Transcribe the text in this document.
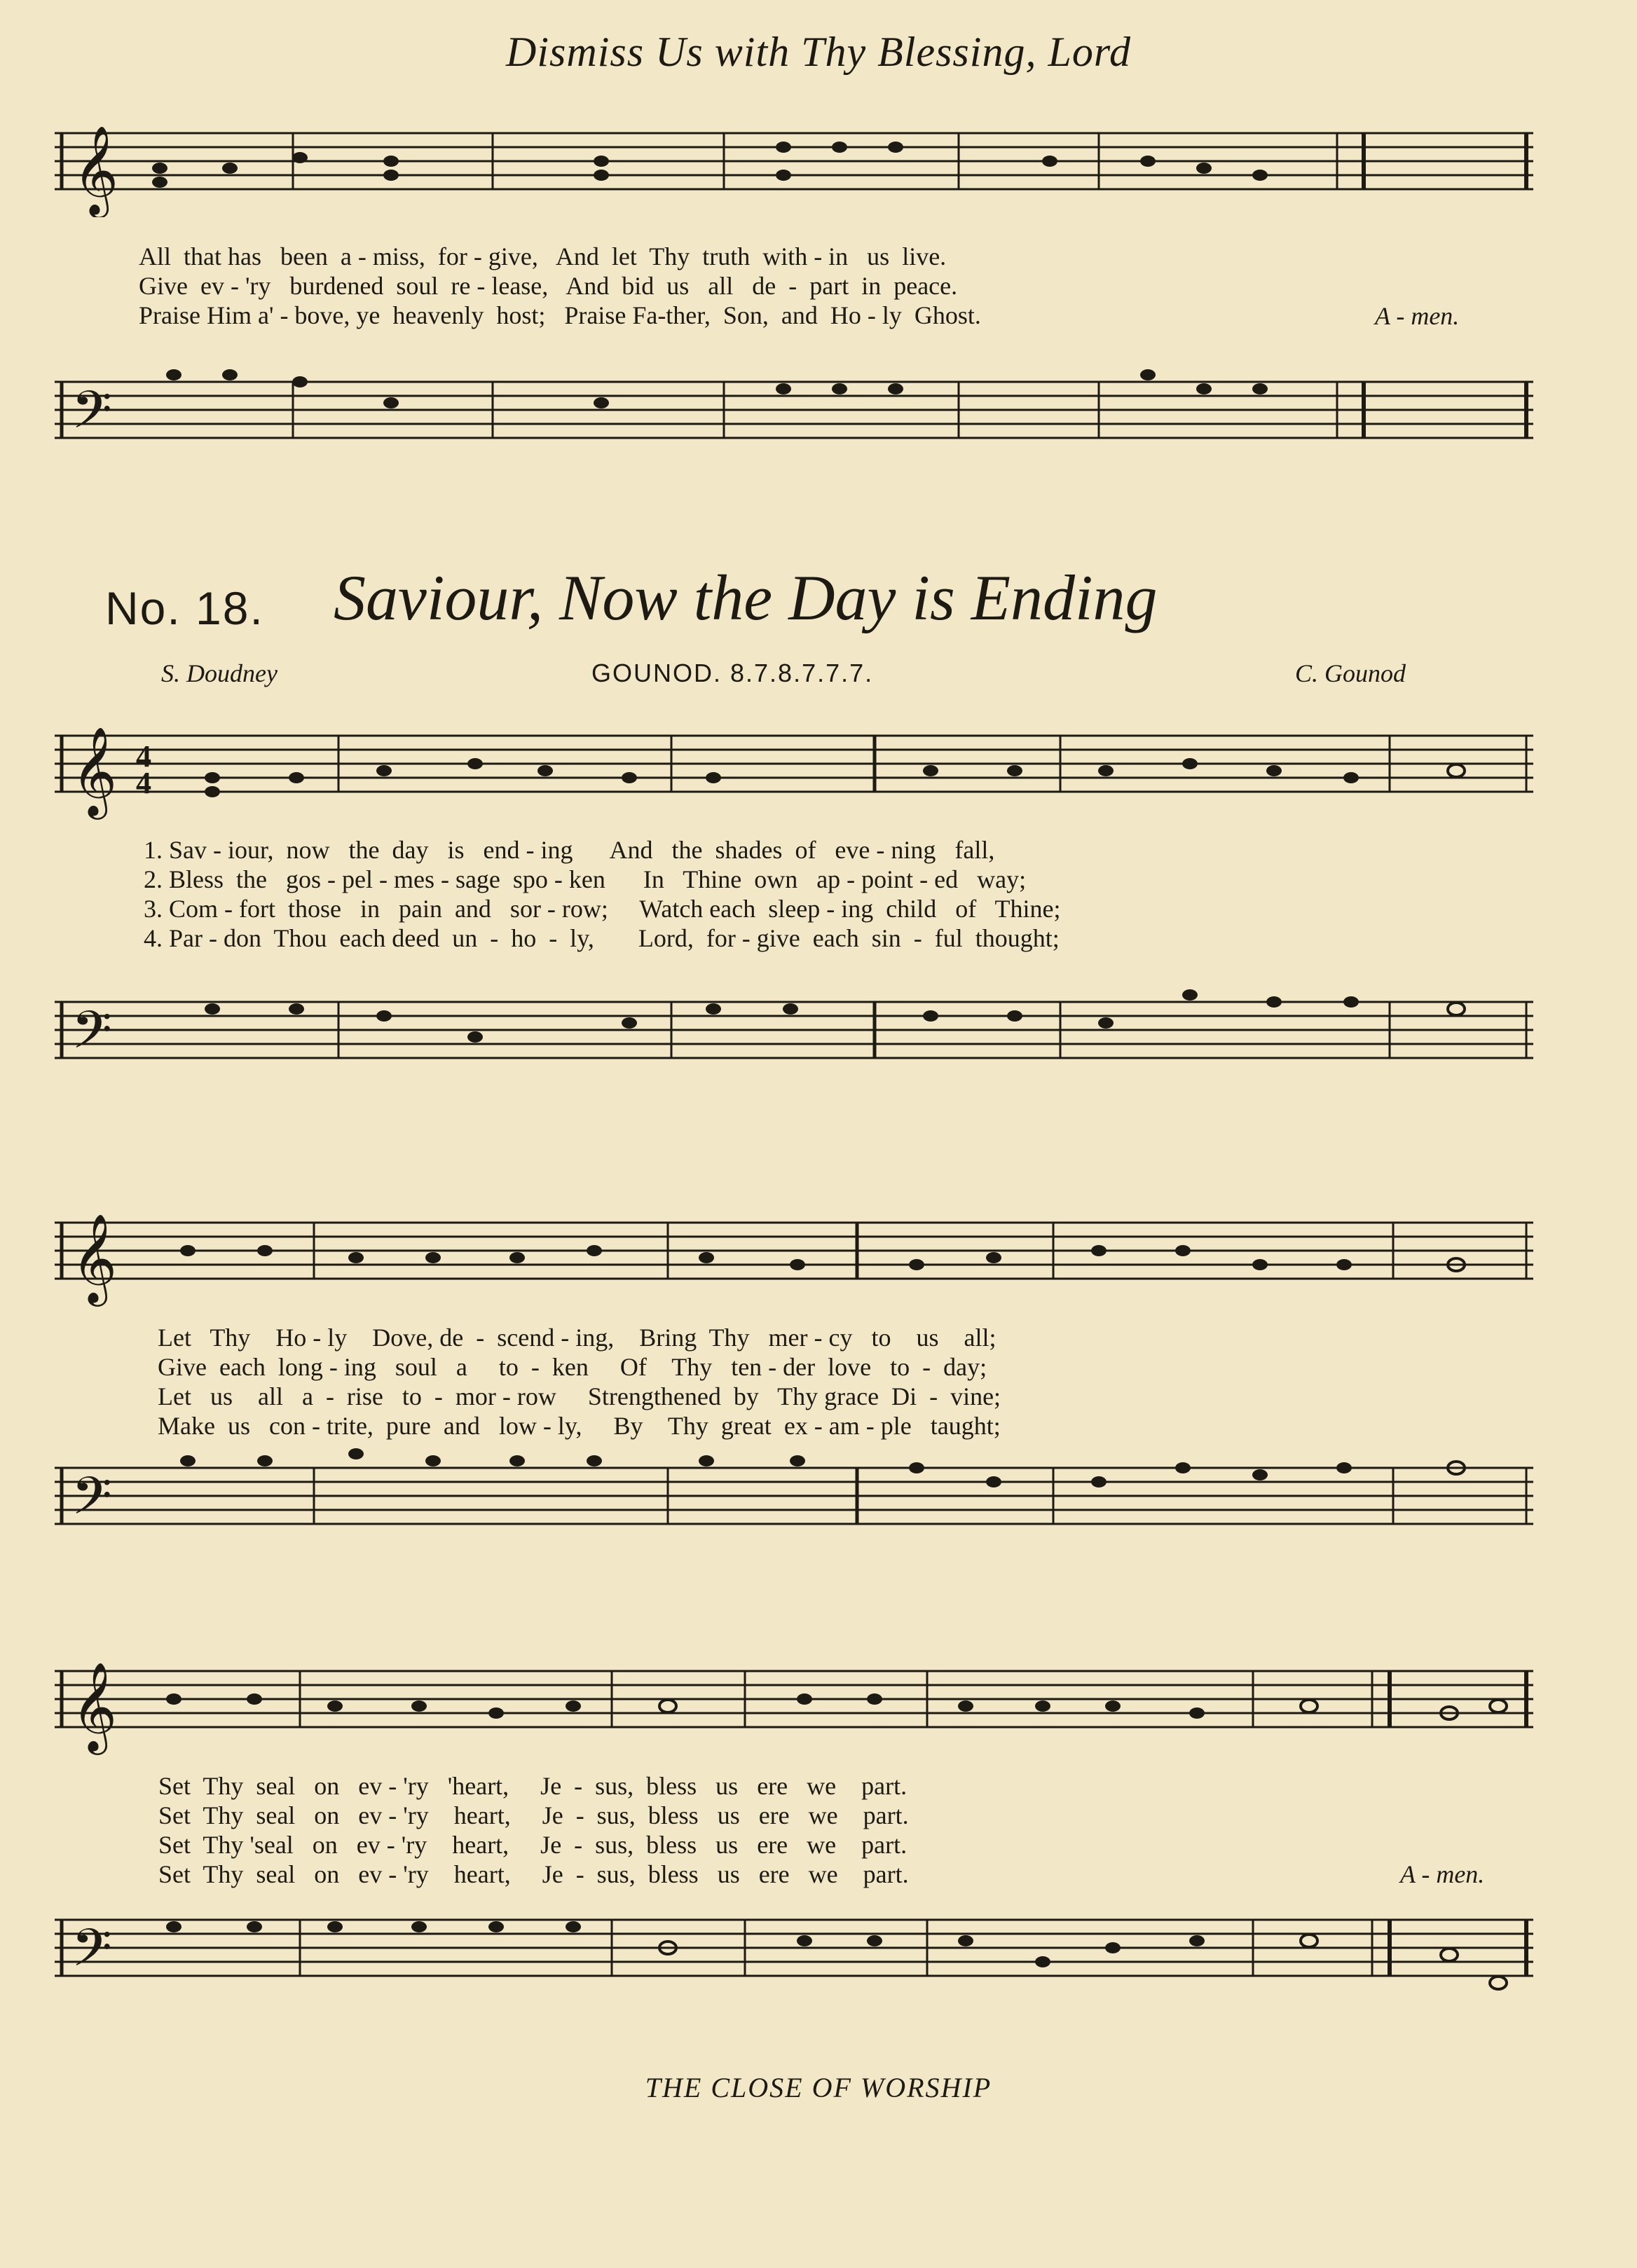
Dismiss Us with Thy Blessing, Lord
𝄞
All  that has   been  a - miss,  for - give,   And  let  Thy  truth  with - in   us  live.
Give  ev - 'ry   burdened  soul  re - lease,   And  bid  us   all   de  -  part  in  peace.
Praise Him a' - bove, ye  heavenly  host;   Praise Fa-ther,  Son,  and  Ho - ly  Ghost.	A - men.
𝄢
No. 18. Saviour, Now the Day is Ending
S. Doudney	GOUNOD. 8.7.8.7.7.7.	C. Gounod
𝄞 4
4
1. Sav - iour,  now   the  day   is   end - ing      And   the  shades  of   eve - ning   fall,
2. Bless  the   gos - pel - mes - sage  spo - ken      In   Thine  own   ap - point - ed   way;
3. Com - fort  those   in   pain  and   sor - row;     Watch each  sleep - ing  child   of   Thine;
4. Par - don  Thou  each deed  un  -  ho  -  ly,       Lord,  for - give  each  sin  -  ful  thought;
𝄢
𝄞
Let   Thy    Ho - ly    Dove, de  -  scend - ing,    Bring  Thy   mer - cy   to    us    all;
Give  each  long - ing   soul   a     to  -  ken     Of    Thy   ten - der  love   to  -  day;
Let   us    all   a  -  rise   to  -  mor - row     Strengthened  by   Thy grace  Di  -  vine;
Make  us   con - trite,  pure  and   low - ly,     By    Thy  great  ex - am - ple   taught;
𝄢
𝄞
Set  Thy  seal   on   ev - 'ry   'heart,     Je  -  sus,  bless   us   ere   we    part.
Set  Thy  seal   on   ev - 'ry    heart,     Je  -  sus,  bless   us   ere   we    part.
Set  Thy 'seal   on   ev - 'ry    heart,     Je  -  sus,  bless   us   ere   we    part.
Set  Thy  seal   on   ev - 'ry    heart,     Je  -  sus,  bless   us   ere   we    part.	A - men.
𝄢
THE CLOSE OF WORSHIP
